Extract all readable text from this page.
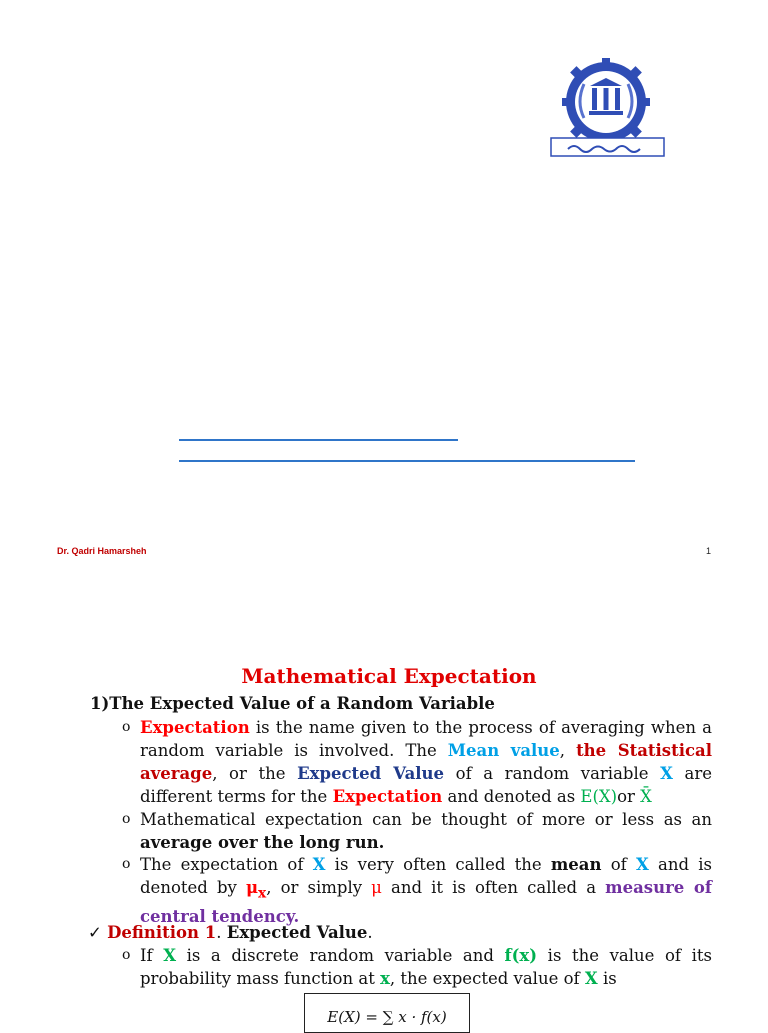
Dr. Qadri Hamarsheh	1
Mathematical Expectation
1)The Expected Value of a Random Variable
o Expectation is the name given to the process of averaging when a random variable is involved. The Mean value, the Statistical average, or the Expected Value of a random variable X are different terms for the Expectation and denoted as E(X)or X̄
o Mathematical expectation can be thought of more or less as an average over the long run.
o The expectation of X is very often called the mean of X and is denoted by $\mu_x$, or simply μ and it is often called a measure of central tendency.
✓ Definition 1. Expected Value.
o If X is a discrete random variable and f(x) is the value of its probability mass function at x, the expected value of X is
E(X) = ∑ x · f(x)
